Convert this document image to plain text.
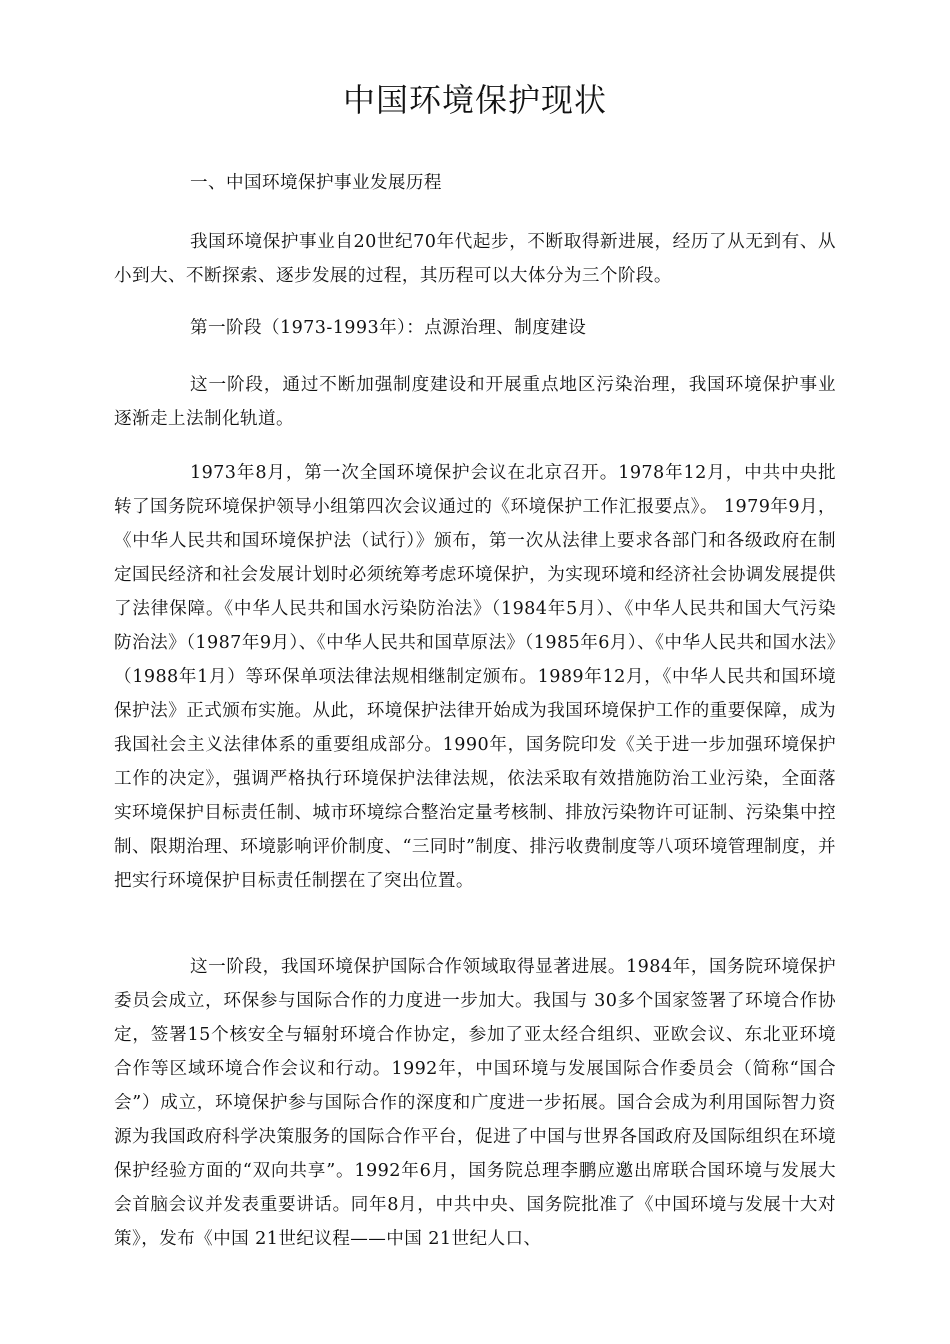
中国环境保护现状

一、中国环境保护事业发展历程

我国环境保护事业自20世纪70年代起步，不断取得新进展，经历了从无到有、从小到大、不断探索、逐步发展的过程，其历程可以大体分为三个阶段。

第一阶段（1973-1993年）：点源治理、制度建设

这一阶段，通过不断加强制度建设和开展重点地区污染治理，我国环境保护事业逐渐走上法制化轨道。

1973年8月，第一次全国环境保护会议在北京召开。1978年12月，中共中央批转了国务院环境保护领导小组第四次会议通过的《环境保护工作汇报要点》。 1979年9月，《中华人民共和国环境保护法（试行）》颁布，第一次从法律上要求各部门和各级政府在制定国民经济和社会发展计划时必须统筹考虑环境保护，为实现环境和经济社会协调发展提供了法律保障。《中华人民共和国水污染防治法》（1984年5月）、《中华人民共和国大气污染防治法》（1987年9月）、《中华人民共和国草原法》（1985年6月）、《中华人民共和国水法》（1988年1月）等环保单项法律法规相继制定颁布。1989年12月，《中华人民共和国环境保护法》正式颁布实施。从此，环境保护法律开始成为我国环境保护工作的重要保障，成为我国社会主义法律体系的重要组成部分。1990年，国务院印发《关于进一步加强环境保护工作的决定》，强调严格执行环境保护法律法规，依法采取有效措施防治工业污染，全面落实环境保护目标责任制、城市环境综合整治定量考核制、排放污染物许可证制、污染集中控制、限期治理、环境影响评价制度、“三同时”制度、排污收费制度等八项环境管理制度，并把实行环境保护目标责任制摆在了突出位置。

这一阶段，我国环境保护国际合作领域取得显著进展。1984年，国务院环境保护委员会成立，环保参与国际合作的力度进一步加大。我国与 30多个国家签署了环境合作协定，签署15个核安全与辐射环境合作协定，参加了亚太经合组织、亚欧会议、东北亚环境合作等区域环境合作会议和行动。1992年，中国环境与发展国际合作委员会（简称“国合会”）成立，环境保护参与国际合作的深度和广度进一步拓展。国合会成为利用国际智力资源为我国政府科学决策服务的国际合作平台，促进了中国与世界各国政府及国际组织在环境保护经验方面的“双向共享”。1992年6月，国务院总理李鹏应邀出席联合国环境与发展大会首脑会议并发表重要讲话。同年8月，中共中央、国务院批准了《中国环境与发展十大对策》，发布《中国 21世纪议程——中国 21世纪人口、
